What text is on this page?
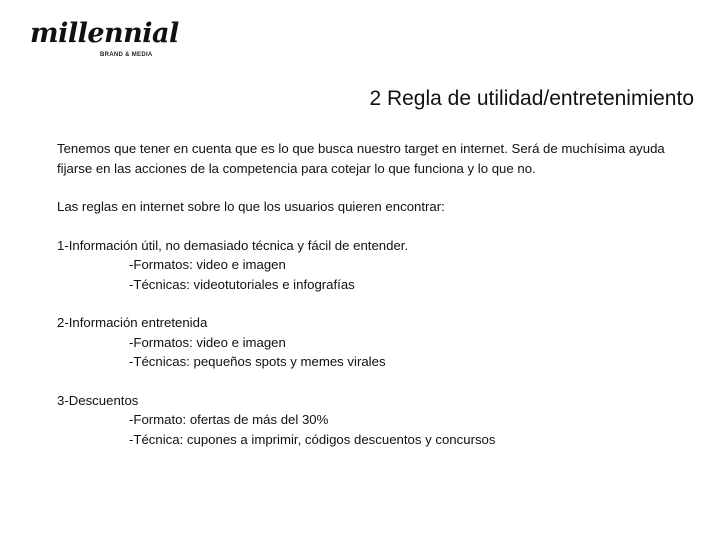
millennial
BRAND & MEDIA
2 Regla de utilidad/entretenimiento

Tenemos que tener en cuenta que es lo que busca nuestro target en internet. Será de muchísima ayuda fijarse en las acciones de la competencia para cotejar lo que funciona y lo que no.

Las reglas en internet sobre lo que los usuarios quieren encontrar:

1-Información útil, no demasiado técnica y fácil de entender.
-Formatos: video e imagen
-Técnicas: videotutoriales e infografías
2-Información entretenida
-Formatos: video e imagen
-Técnicas: pequeños spots y memes virales
3-Descuentos
-Formato: ofertas de más del 30%
-Técnica: cupones a imprimir, códigos descuentos y concursos
